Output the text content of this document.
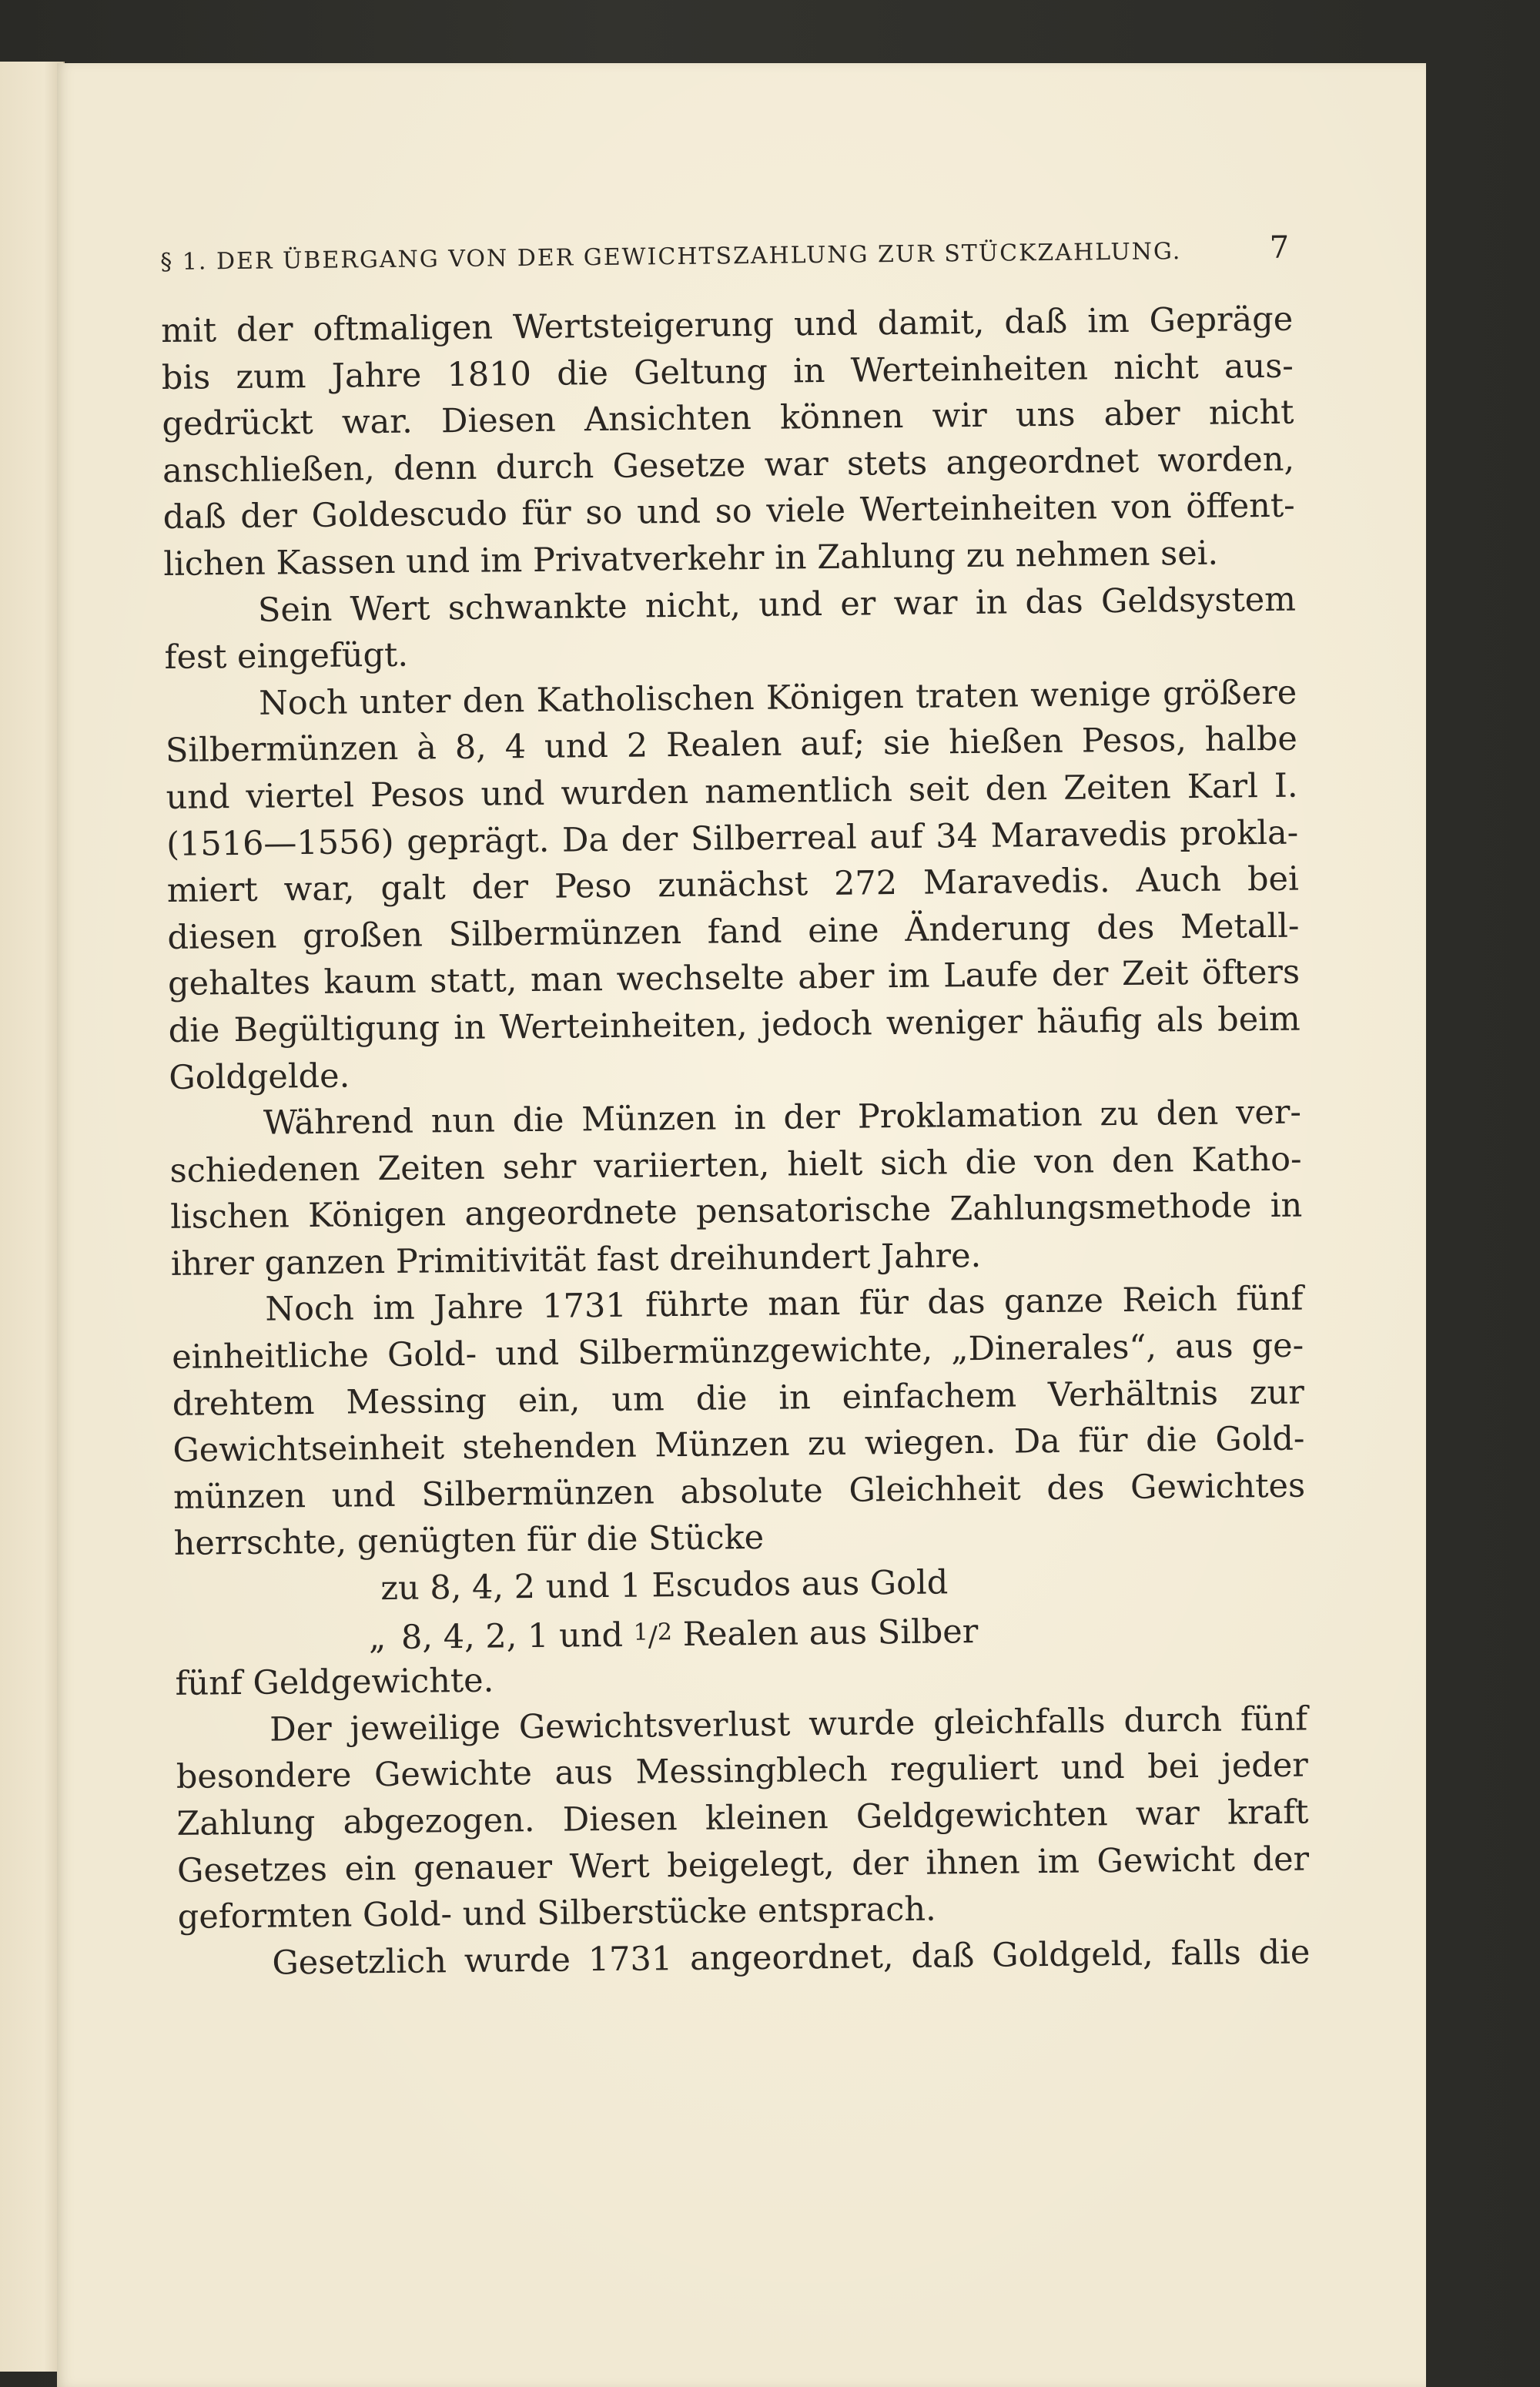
§ 1. DER ÜBERGANG VON DER GEWICHTSZAHLUNG ZUR STÜCKZAHLUNG.	7
mit der oftmaligen Wertsteigerung und damit, daß im Gepräge
bis zum Jahre 1810 die Geltung in Werteinheiten nicht aus-
gedrückt war. Diesen Ansichten können wir uns aber nicht
anschließen, denn durch Gesetze war stets angeordnet worden,
daß der Goldescudo für so und so viele Werteinheiten von öffent-
lichen Kassen und im Privatverkehr in Zahlung zu nehmen sei.
Sein Wert schwankte nicht, und er war in das Geldsystem
fest eingefügt.
Noch unter den Katholischen Königen traten wenige größere
Silbermünzen à 8, 4 und 2 Realen auf; sie hießen Pesos, halbe
und viertel Pesos und wurden namentlich seit den Zeiten Karl I.
(1516—1556) geprägt. Da der Silberreal auf 34 Maravedis prokla-
miert war, galt der Peso zunächst 272 Maravedis. Auch bei
diesen großen Silbermünzen fand eine Änderung des Metall-
gehaltes kaum statt, man wechselte aber im Laufe der Zeit öfters
die Begültigung in Werteinheiten, jedoch weniger häufig als beim
Goldgelde.
Während nun die Münzen in der Proklamation zu den ver-
schiedenen Zeiten sehr variierten, hielt sich die von den Katho-
lischen Königen angeordnete pensatorische Zahlungsmethode in
ihrer ganzen Primitivität fast dreihundert Jahre.
Noch im Jahre 1731 führte man für das ganze Reich fünf
einheitliche Gold- und Silbermünzgewichte, „Dinerales“, aus ge-
drehtem Messing ein, um die in einfachem Verhältnis zur
Gewichtseinheit stehenden Münzen zu wiegen. Da für die Gold-
münzen und Silbermünzen absolute Gleichheit des Gewichtes
herrschte, genügten für die Stücke
zu 8, 4, 2 und 1 Escudos aus Gold
„ 8, 4, 2, 1 und 1/2 Realen aus Silber
fünf Geldgewichte.
Der jeweilige Gewichtsverlust wurde gleichfalls durch fünf
besondere Gewichte aus Messingblech reguliert und bei jeder
Zahlung abgezogen. Diesen kleinen Geldgewichten war kraft
Gesetzes ein genauer Wert beigelegt, der ihnen im Gewicht der
geformten Gold- und Silberstücke entsprach.
Gesetzlich wurde 1731 angeordnet, daß Goldgeld, falls die
